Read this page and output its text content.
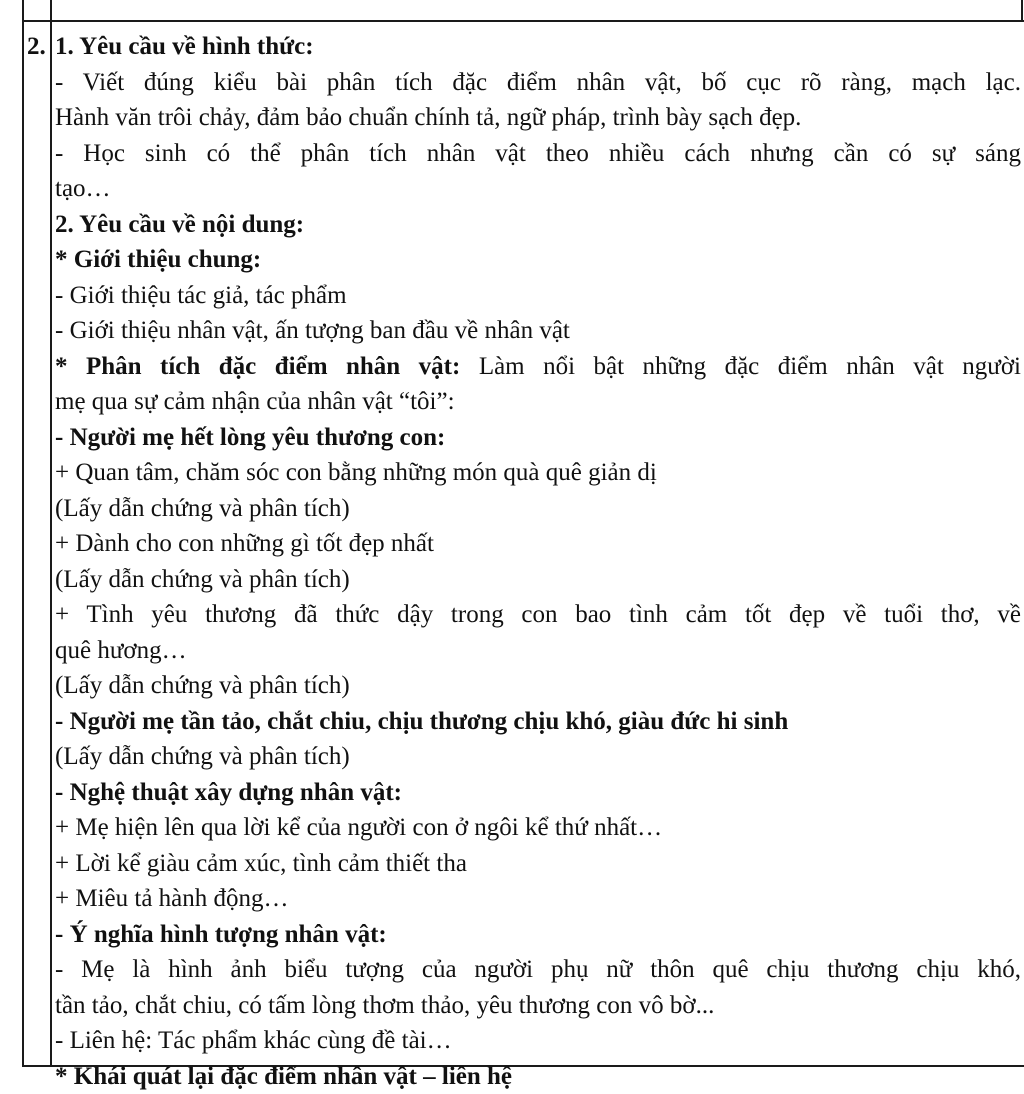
2. 1. Yêu cầu về hình thức:
- Viết đúng kiểu bài phân tích đặc điểm nhân vật, bố cục rõ ràng, mạch lạc.
Hành văn trôi chảy, đảm bảo chuẩn chính tả, ngữ pháp, trình bày sạch đẹp.
- Học sinh có thể phân tích nhân vật theo nhiều cách nhưng cần có sự sáng
tạo…
2. Yêu cầu về nội dung:
* Giới thiệu chung:
- Giới thiệu tác giả, tác phẩm
- Giới thiệu nhân vật, ấn tượng ban đầu về nhân vật
* Phân tích đặc điểm nhân vật: Làm nổi bật những đặc điểm nhân vật người
mẹ qua sự cảm nhận của nhân vật “tôi”:
- Người mẹ hết lòng yêu thương con:
+ Quan tâm, chăm sóc con bằng những món quà quê giản dị
(Lấy dẫn chứng và phân tích)
+ Dành cho con những gì tốt đẹp nhất
(Lấy dẫn chứng và phân tích)
+ Tình yêu thương đã thức dậy trong con bao tình cảm tốt đẹp về tuổi thơ, về
quê hương…
(Lấy dẫn chứng và phân tích)
- Người mẹ tần tảo, chắt chiu, chịu thương chịu khó, giàu đức hi sinh
(Lấy dẫn chứng và phân tích)
- Nghệ thuật xây dựng nhân vật:
+ Mẹ hiện lên qua lời kể của người con ở ngôi kể thứ nhất…
+ Lời kể giàu cảm xúc, tình cảm thiết tha
+ Miêu tả hành động…
- Ý nghĩa hình tượng nhân vật:
- Mẹ là hình ảnh biểu tượng của người phụ nữ thôn quê chịu thương chịu khó,
tần tảo, chắt chiu, có tấm lòng thơm thảo, yêu thương con vô bờ...
- Liên hệ: Tác phẩm khác cùng đề tài…
* Khái quát lại đặc điểm nhân vật – liên hệ
